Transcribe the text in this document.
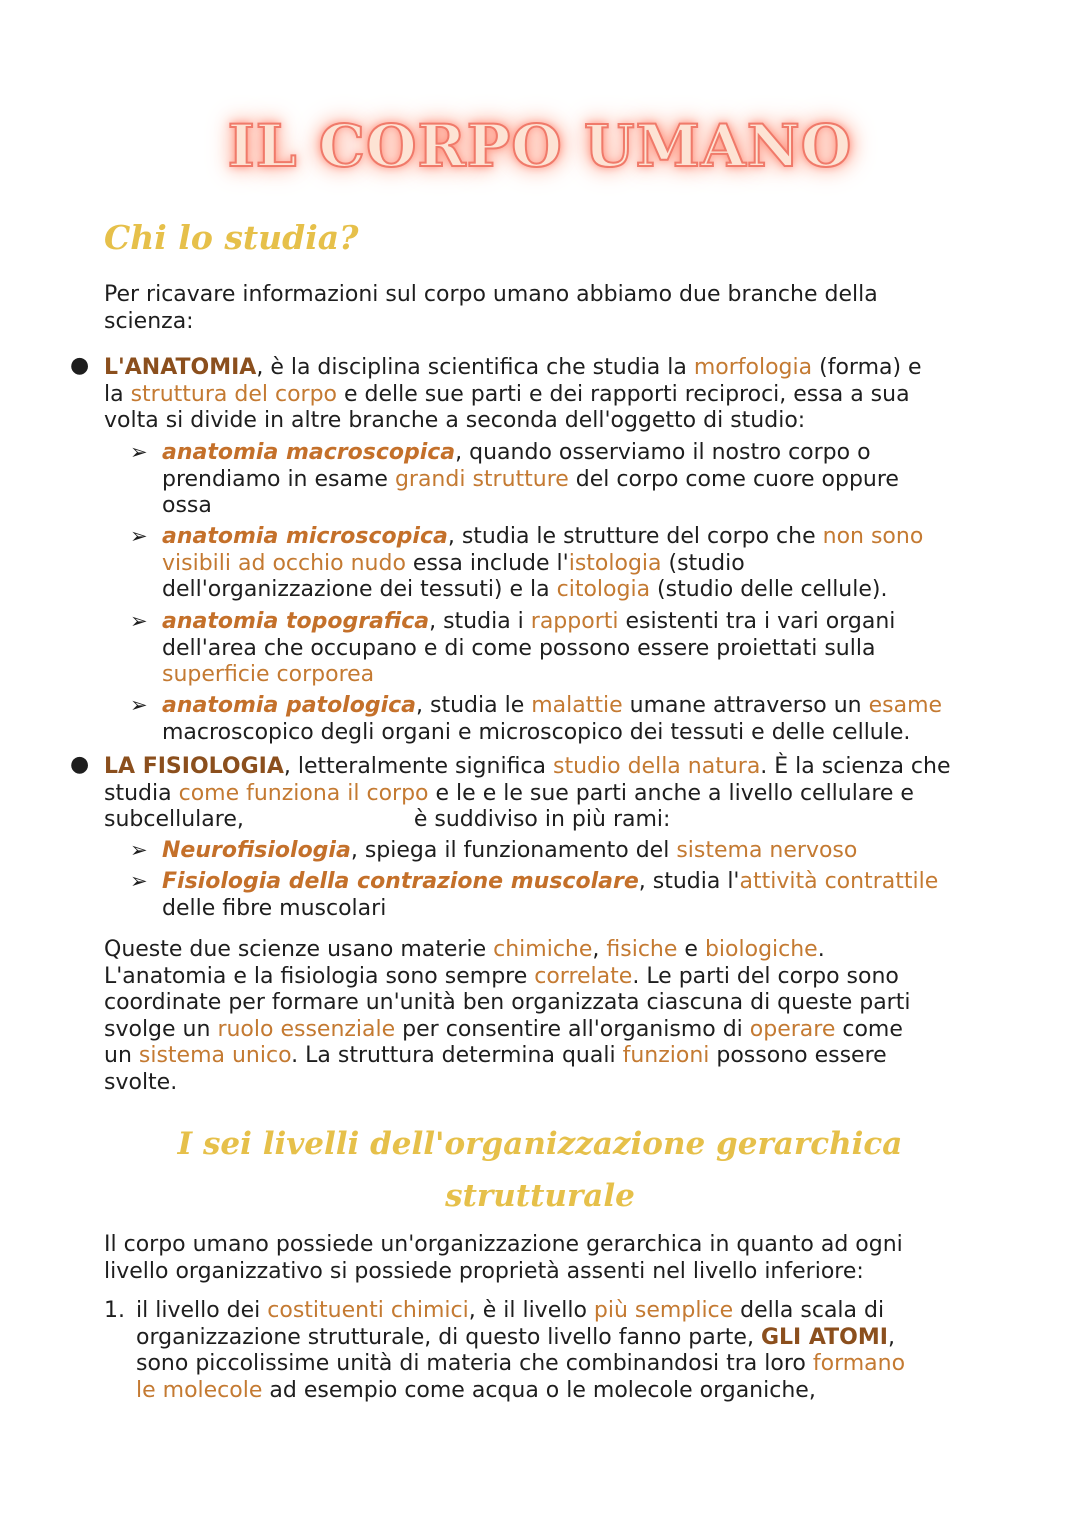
IL CORPO UMANO
Chi lo studia?

Per ricavare informazioni sul corpo umano abbiamo due branche della

scienza:

● L'ANATOMIA, è la disciplina scientifica che studia la morfologia (forma) e

la struttura del corpo e delle sue parti e dei rapporti reciproci, essa a sua

volta si divide in altre branche a seconda dell'oggetto di studio:

➢ anatomia macroscopica, quando osserviamo il nostro corpo o

prendiamo in esame grandi strutture del corpo come cuore oppure

ossa

➢ anatomia microscopica, studia le strutture del corpo che non sono

visibili ad occhio nudo essa include l'istologia (studio

dell'organizzazione dei tessuti) e la citologia (studio delle cellule).

➢ anatomia topografica, studia i rapporti esistenti tra i vari organi

dell'area che occupano e di come possono essere proiettati sulla

superficie corporea

➢ anatomia patologica, studia le malattie umane attraverso un esame

macroscopico degli organi e microscopico dei tessuti e delle cellule.

● LA FISIOLOGIA, letteralmente significa studio della natura. È la scienza che

studia come funziona il corpo e le e le sue parti anche a livello cellulare e

subcellulare,	è suddiviso in più rami:

➢ Neurofisiologia, spiega il funzionamento del sistema nervoso

➢ Fisiologia della contrazione muscolare, studia l'attività contrattile

delle fibre muscolari

Queste due scienze usano materie chimiche, fisiche e biologiche.

L'anatomia e la fisiologia sono sempre correlate. Le parti del corpo sono

coordinate per formare un'unità ben organizzata ciascuna di queste parti

svolge un ruolo essenziale per consentire all'organismo di operare come

un sistema unico. La struttura determina quali funzioni possono essere

svolte.

I sei livelli dell'organizzazione gerarchica
strutturale

Il corpo umano possiede un'organizzazione gerarchica in quanto ad ogni

livello organizzativo si possiede proprietà assenti nel livello inferiore:

1. il livello dei costituenti chimici, è il livello più semplice della scala di

organizzazione strutturale, di questo livello fanno parte, GLI ATOMI,

sono piccolissime unità di materia che combinandosi tra loro formano

le molecole ad esempio come acqua o le molecole organiche,
